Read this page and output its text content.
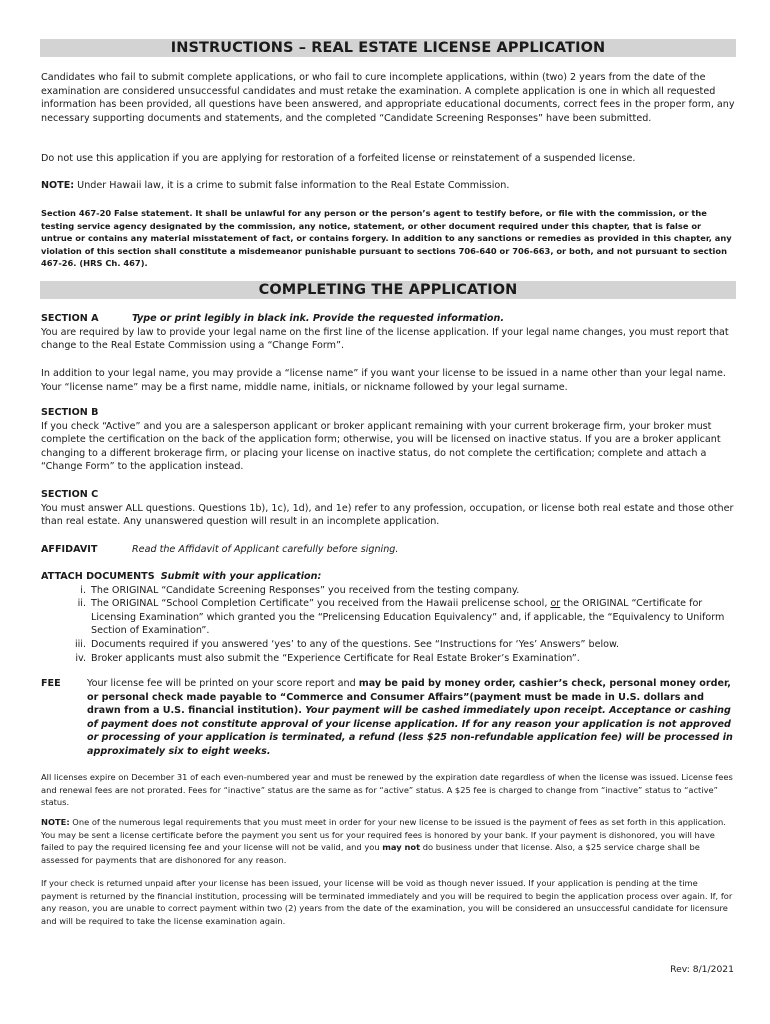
INSTRUCTIONS – REAL ESTATE LICENSE APPLICATION
Candidates who fail to submit complete applications, or who fail to cure incomplete applications, within (two) 2 years from the date of the examination are considered unsuccessful candidates and must retake the examination. A complete application is one in which all requested information has been provided, all questions have been answered, and appropriate educational documents, correct fees in the proper form, any necessary supporting documents and statements, and the completed “Candidate Screening Responses” have been submitted.
Do not use this application if you are applying for restoration of a forfeited license or reinstatement of a suspended license.
NOTE: Under Hawaii law, it is a crime to submit false information to the Real Estate Commission.
Section 467-20 False statement. It shall be unlawful for any person or the person’s agent to testify before, or file with the commission, or the testing service agency designated by the commission, any notice, statement, or other document required under this chapter, that is false or untrue or contains any material misstatement of fact, or contains forgery. In addition to any sanctions or remedies as provided in this chapter, any violation of this section shall constitute a misdemeanor punishable pursuant to sections 706-640 or 706-663, or both, and not pursuant to section 467-26. (HRS Ch. 467).
COMPLETING THE APPLICATION
SECTION A	Type or print legibly in black ink. Provide the requested information.
You are required by law to provide your legal name on the first line of the license application. If your legal name changes, you must report that change to the Real Estate Commission using a “Change Form”.
In addition to your legal name, you may provide a “license name” if you want your license to be issued in a name other than your legal name. Your “license name” may be a first name, middle name, initials, or nickname followed by your legal surname.
SECTION B
If you check “Active” and you are a salesperson applicant or broker applicant remaining with your current brokerage firm, your broker must complete the certification on the back of the application form; otherwise, you will be licensed on inactive status. If you are a broker applicant changing to a different brokerage firm, or placing your license on inactive status, do not complete the certification; complete and attach a “Change Form” to the application instead.
SECTION C
You must answer ALL questions. Questions 1b), 1c), 1d), and 1e) refer to any profession, occupation, or license both real estate and those other than real estate. Any unanswered question will result in an incomplete application.
AFFIDAVIT	Read the Affidavit of Applicant carefully before signing.
ATTACH DOCUMENTS Submit with your application:
i. The ORIGINAL “Candidate Screening Responses” you received from the testing company.
ii. The ORIGINAL “School Completion Certificate” you received from the Hawaii prelicense school, or the ORIGINAL “Certificate for Licensing Examination” which granted you the “Prelicensing Education Equivalency” and, if applicable, the “Equivalency to Uniform Section of Examination”.
iii. Documents required if you answered ‘yes’ to any of the questions. See “Instructions for ‘Yes’ Answers” below.
iv. Broker applicants must also submit the “Experience Certificate for Real Estate Broker’s Examination”.
FEE	Your license fee will be printed on your score report and may be paid by money order, cashier’s check, personal money order, or personal check made payable to “Commerce and Consumer Affairs”(payment must be made in U.S. dollars and drawn from a U.S. financial institution). Your payment will be cashed immediately upon receipt. Acceptance or cashing of payment does not constitute approval of your license application. If for any reason your application is not approved or processing of your application is terminated, a refund (less $25 non-refundable application fee) will be processed in approximately six to eight weeks.
All licenses expire on December 31 of each even-numbered year and must be renewed by the expiration date regardless of when the license was issued. License fees and renewal fees are not prorated. Fees for “inactive” status are the same as for “active” status. A $25 fee is charged to change from “inactive” status to “active” status.
NOTE: One of the numerous legal requirements that you must meet in order for your new license to be issued is the payment of fees as set forth in this application. You may be sent a license certificate before the payment you sent us for your required fees is honored by your bank. If your payment is dishonored, you will have failed to pay the required licensing fee and your license will not be valid, and you may not do business under that license. Also, a $25 service charge shall be assessed for payments that are dishonored for any reason.
If your check is returned unpaid after your license has been issued, your license will be void as though never issued. If your application is pending at the time payment is returned by the financial institution, processing will be terminated immediately and you will be required to begin the application process over again. If, for any reason, you are unable to correct payment within two (2) years from the date of the examination, you will be considered an unsuccessful candidate for licensure and will be required to take the license examination again.
Rev: 8/1/2021
